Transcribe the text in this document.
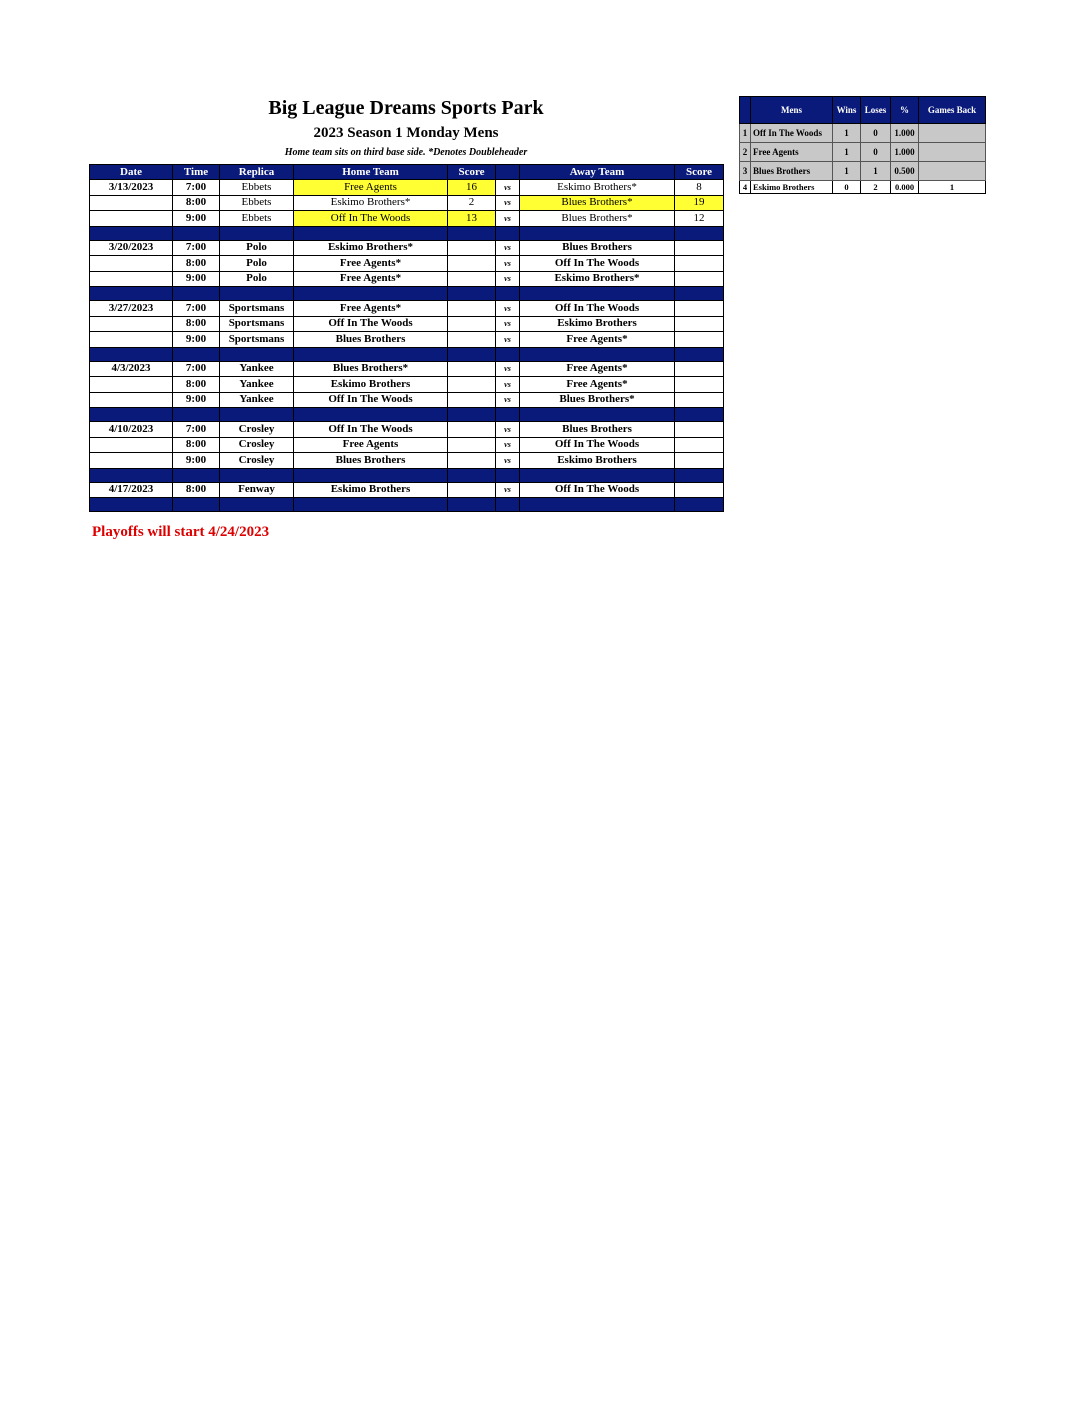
Big League Dreams Sports Park
2023 Season 1 Monday Mens
Home team sits on third base side. *Denotes Doubleheader
Date	Time	Replica	Home Team	Score		Away Team	Score
3/13/2023	7:00	Ebbets	Free Agents	16	vs	Eskimo Brothers*	8
	8:00	Ebbets	Eskimo Brothers*	2	vs	Blues Brothers*	19
	9:00	Ebbets	Off In The Woods	13	vs	Blues Brothers*	12

3/20/2023	7:00	Polo	Eskimo Brothers*		vs	Blues Brothers	
	8:00	Polo	Free Agents*		vs	Off In The Woods	
	9:00	Polo	Free Agents*		vs	Eskimo Brothers*	

3/27/2023	7:00	Sportsmans	Free Agents*		vs	Off In The Woods	
	8:00	Sportsmans	Off In The Woods		vs	Eskimo Brothers	
	9:00	Sportsmans	Blues Brothers		vs	Free Agents*	

4/3/2023	7:00	Yankee	Blues Brothers*		vs	Free Agents*	
	8:00	Yankee	Eskimo Brothers		vs	Free Agents*	
	9:00	Yankee	Off In The Woods		vs	Blues Brothers*	

4/10/2023	7:00	Crosley	Off In The Woods		vs	Blues Brothers	
	8:00	Crosley	Free Agents		vs	Off In The Woods	
	9:00	Crosley	Blues Brothers		vs	Eskimo Brothers	

4/17/2023	8:00	Fenway	Eskimo Brothers		vs	Off In The Woods	

	Mens	Wins	Loses	%	Games Back
1	Off In The Woods	1	0	1.000	
2	Free Agents	1	0	1.000	
3	Blues Brothers	1	1	0.500	
4	Eskimo Brothers	0	2	0.000	1
Playoffs will start 4/24/2023
